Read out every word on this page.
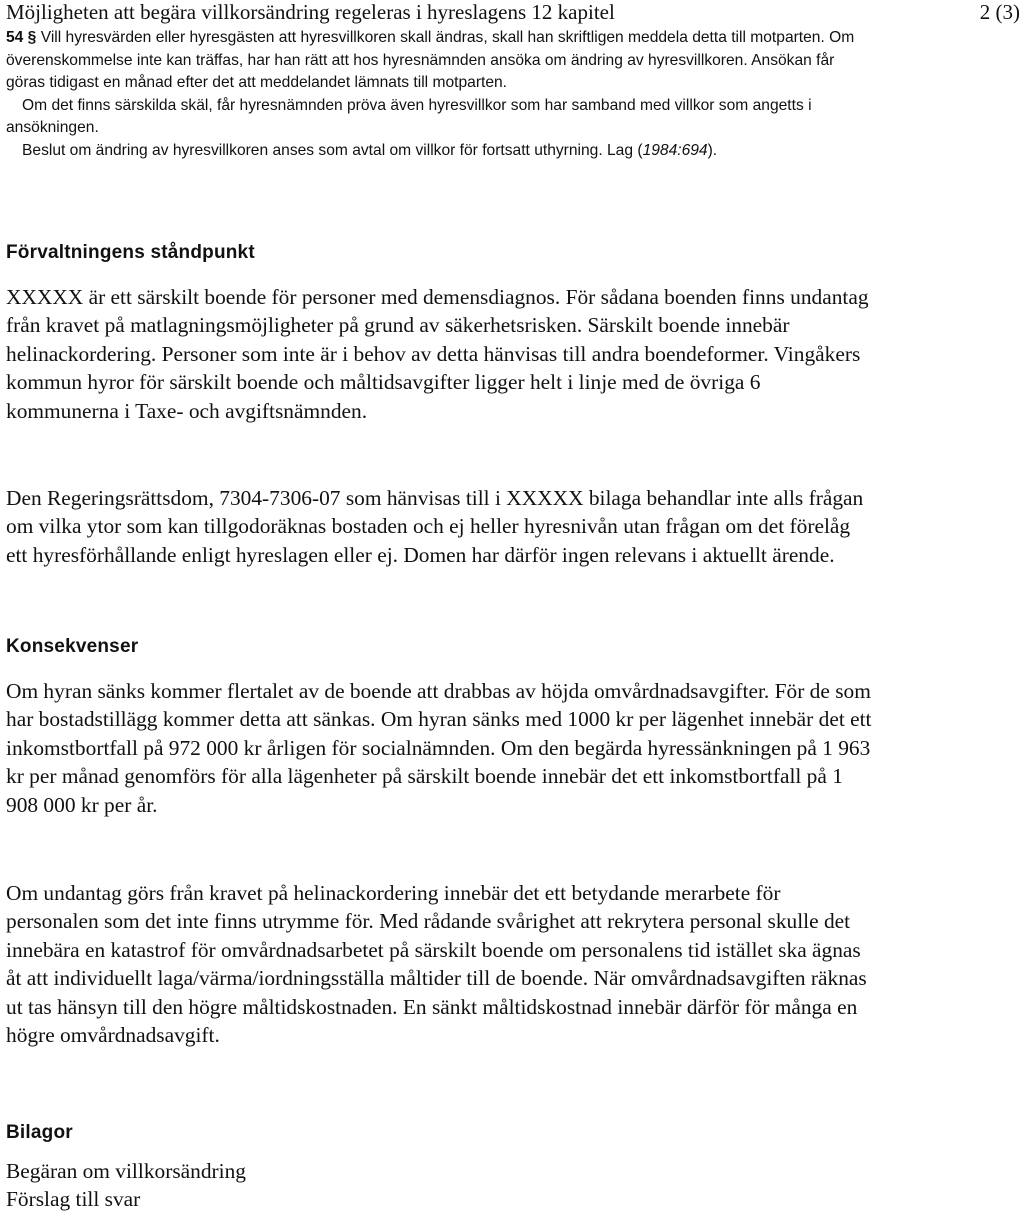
Möjligheten att begära villkorsändring regeleras i hyreslagens 12 kapitel	2 (3)

54 § Vill hyresvärden eller hyresgästen att hyresvillkoren skall ändras, skall han skriftligen meddela detta till motparten. Om överenskommelse inte kan träffas, har han rätt att hos hyresnämnden ansöka om ändring av hyresvillkoren. Ansökan får göras tidigast en månad efter det att meddelandet lämnats till motparten.

Om det finns särskilda skäl, får hyresnämnden pröva även hyresvillkor som har samband med villkor som angetts i ansökningen.

Beslut om ändring av hyresvillkoren anses som avtal om villkor för fortsatt uthyrning. Lag (1984:694).

Förvaltningens ståndpunkt

XXXXX är ett särskilt boende för personer med demensdiagnos. För sådana boenden finns undantag från kravet på matlagningsmöjligheter på grund av säkerhetsrisken. Särskilt boende innebär helinackordering. Personer som inte är i behov av detta hänvisas till andra boendeformer. Vingåkers kommun hyror för särskilt boende och måltidsavgifter ligger helt i linje med de övriga 6 kommunerna i Taxe- och avgiftsnämnden.

Den Regeringsrättsdom, 7304-7306-07 som hänvisas till i XXXXX bilaga behandlar inte alls frågan om vilka ytor som kan tillgodoräknas bostaden och ej heller hyresnivån utan frågan om det förelåg ett hyresförhållande enligt hyreslagen eller ej. Domen har därför ingen relevans i aktuellt ärende.

Konsekvenser

Om hyran sänks kommer flertalet av de boende att drabbas av höjda omvårdnadsavgifter. För de som har bostadstillägg kommer detta att sänkas. Om hyran sänks med 1000 kr per lägenhet innebär det ett inkomstbortfall på 972 000 kr årligen för socialnämnden. Om den begärda hyressänkningen på 1 963 kr per månad genomförs för alla lägenheter på särskilt boende innebär det ett inkomstbortfall på 1 908 000 kr per år.

Om undantag görs från kravet på helinackordering innebär det ett betydande merarbete för personalen som det inte finns utrymme för. Med rådande svårighet att rekrytera personal skulle det innebära en katastrof för omvårdnadsarbetet på särskilt boende om personalens tid istället ska ägnas åt att individuellt laga/värma/iordningsställa måltider till de boende. När omvårdnadsavgiften räknas ut tas hänsyn till den högre måltidskostnaden. En sänkt måltidskostnad innebär därför för många en högre omvårdnadsavgift.

Bilagor
Begäran om villkorsändring
Förslag till svar
